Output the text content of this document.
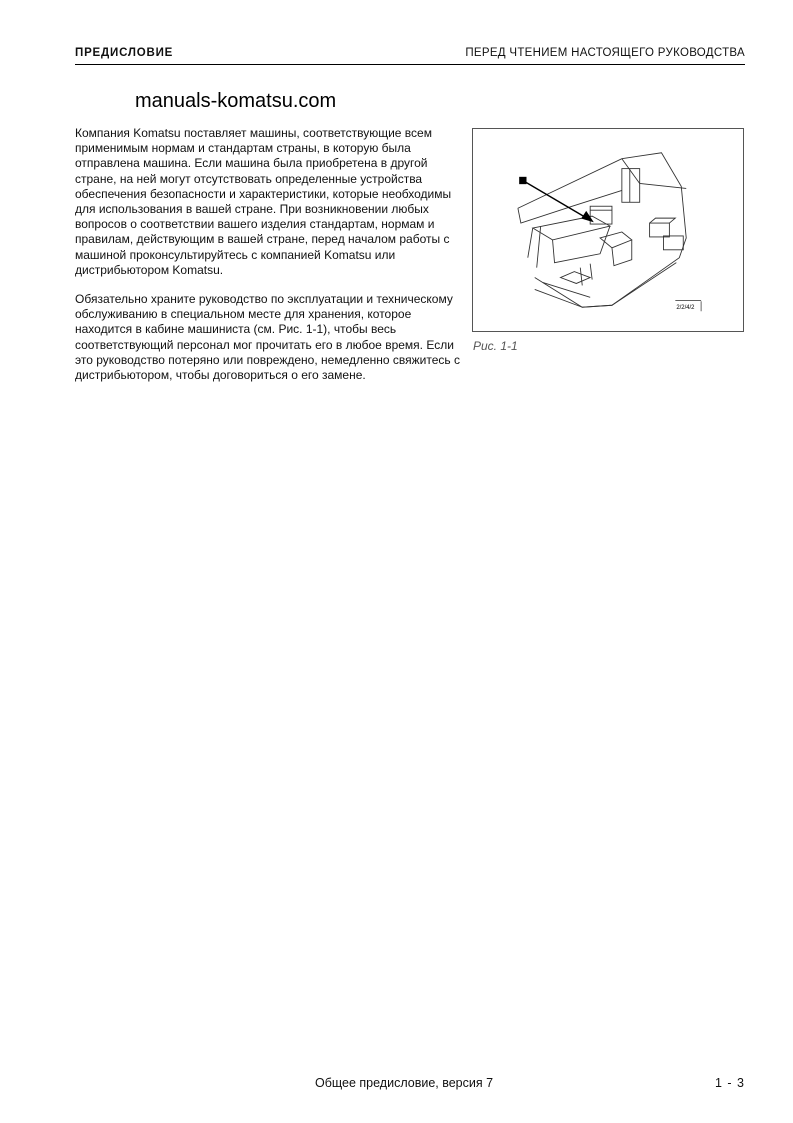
ПРЕДИСЛОВИЕ	ПЕРЕД ЧТЕНИЕМ НАСТОЯЩЕГО РУКОВОДСТВА
manuals-komatsu.com

Компания Komatsu поставляет машины, соответствующие всем применимым нормам и стандартам страны, в которую была отправлена машина. Если машина была приобретена в другой стране, на ней могут отсутствовать определенные устройства обеспечения безопасности и характеристики, которые необходимы для использования в вашей стране. При возникновении любых вопросов о соответствии вашего изделия стандартам, нормам и правилам, действующим в вашей стране, перед началом работы с машиной проконсультируйтесь с компанией Komatsu или дистрибьютором Komatsu.

Обязательно храните руководство по эксплуатации и техническому обслуживанию в специальном месте для хранения, которое находится в кабине машиниста (см. Рис. 1-1), чтобы весь соответствующий персонал мог прочитать его в любое время. Если это руководство потеряно или повреждено, немедленно свяжитесь с дистрибьютором, чтобы договориться о его замене.

2/2/4/2
Рис. 1-1
Общее предисловие, версия 7	1 - 3
